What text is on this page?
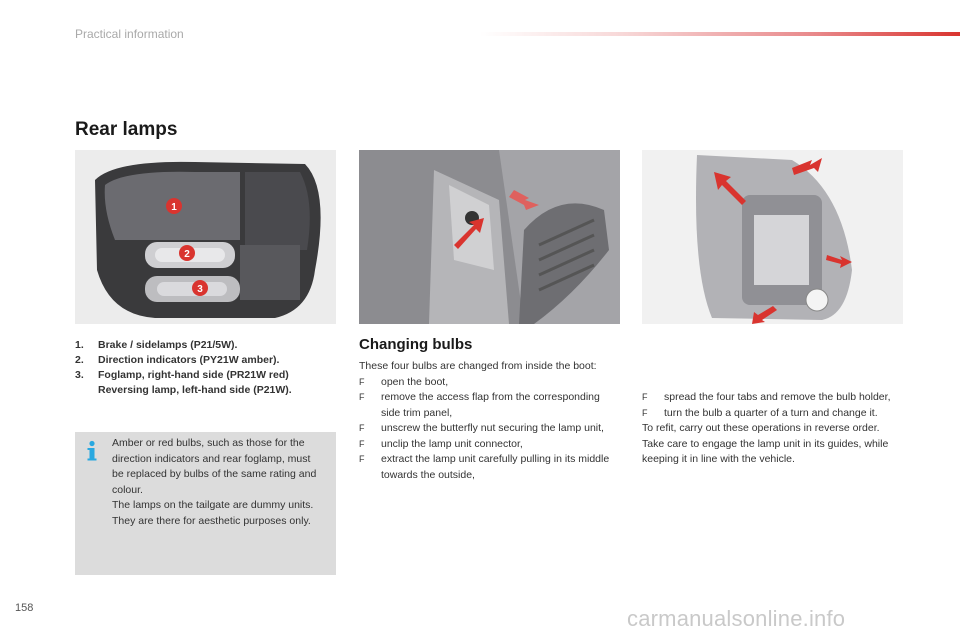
Practical information
Rear lamps
1
2
3
1.	Brake / sidelamps (P21/5W).
2.	Direction indicators (PY21W amber).
3.	Foglamp, right-hand side (PR21W red)
Reversing lamp, left-hand side (P21W).

Amber or red bulbs, such as those for the direction indicators and rear foglamp, must be replaced by bulbs of the same rating and colour.

The lamps on the tailgate are dummy units. They are there for aesthetic purposes only.

Changing bulbs

These four bulbs are changed from inside the boot:

F	open the boot,
F	remove the access flap from the corresponding side trim panel,
F	unscrew the butterfly nut securing the lamp unit,
F	unclip the lamp unit connector,
F	extract the lamp unit carefully pulling in its middle towards the outside,
F	spread the four tabs and remove the bulb holder,
F	turn the bulb a quarter of a turn and change it.

To refit, carry out these operations in reverse order.

Take care to engage the lamp unit in its guides, while keeping it in line with the vehicle.

158	carmanualsonline.info
